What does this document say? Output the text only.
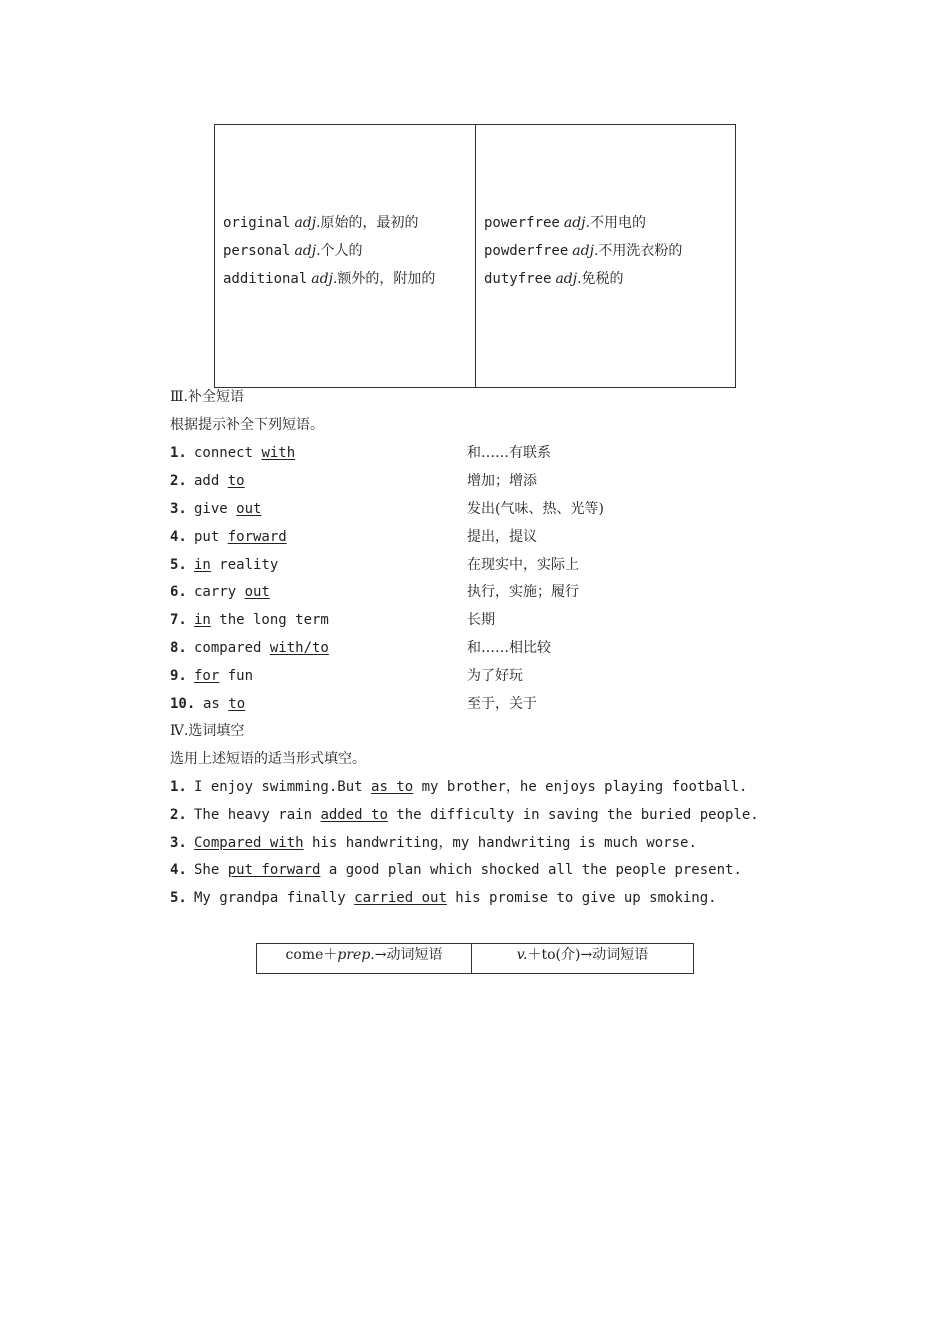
original adj.原始的，最初的
personal adj.个人的
additional adj.额外的，附加的
powerfree adj.不用电的
powderfree adj.不用洗衣粉的
dutyfree adj.免税的
Ⅲ.补全短语
根据提示补全下列短语。
1. connect with	和……有联系
2. add to	增加；增添
3. give out	发出(气味、热、光等)
4. put forward	提出，提议
5. in reality	在现实中，实际上
6. carry out	执行，实施；履行
7. in the long term	长期
8. compared with/to	和……相比较
9. for fun	为了好玩
10. as to	至于，关于
Ⅳ.选词填空
选用上述短语的适当形式填空。
1. I enjoy swimming.But as to my brother，he enjoys playing football.
2. The heavy rain added to the difficulty in saving the buried people.
3. Compared with his handwriting，my handwriting is much worse.
4. She put forward a good plan which shocked all the people present.
5. My grandpa finally carried out his promise to give up smoking.
come＋prep.→动词短语	v.＋to(介)→动词短语
